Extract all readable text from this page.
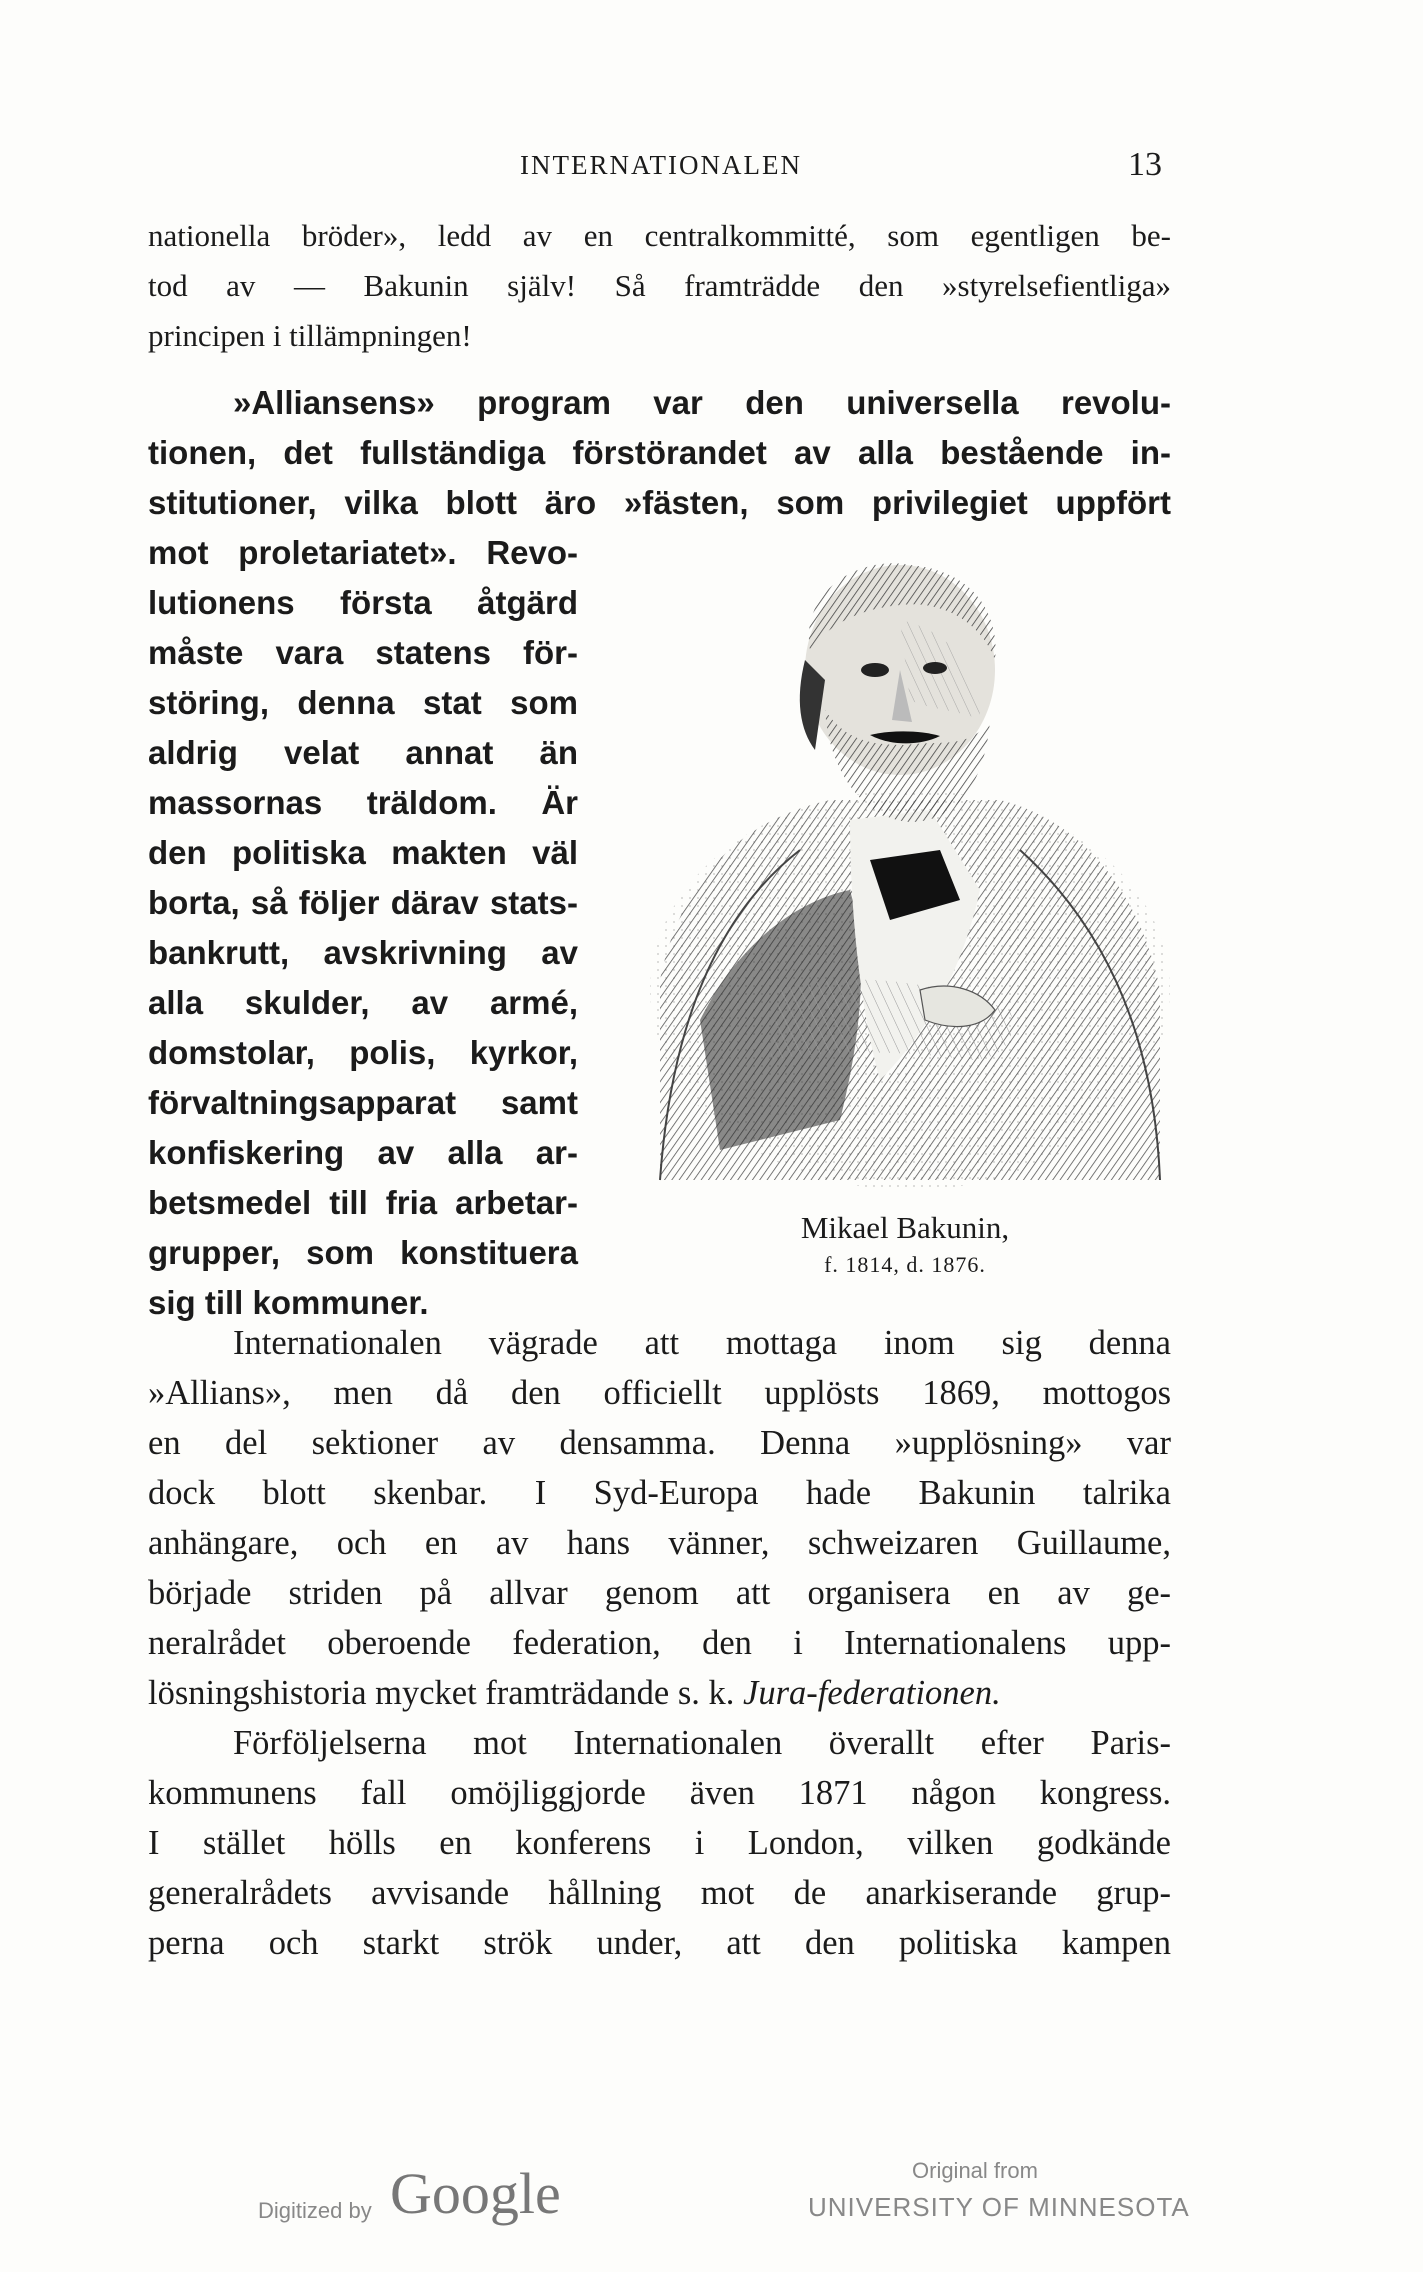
INTERNATIONALEN	13
nationella bröder», ledd av en centralkommitté, som egentligen be-
tod av — Bakunin själv! Så framträdde den »styrelsefientliga»
principen i tillämpningen!
»Alliansens» program var den universella revolu-
tionen, det fullständiga förstörandet av alla bestående in-
stitutioner, vilka blott äro »fästen, som privilegiet uppfört
mot proletariatet». Revo-
lutionens första åtgärd
måste vara statens för-
störing, denna stat som
aldrig velat annat än
massornas träldom. Är
den politiska makten väl
borta, så följer därav stats-
bankrutt, avskrivning av
alla skulder, av armé,
domstolar, polis, kyrkor,
förvaltningsapparat samt
konfiskering av alla ar-
betsmedel till fria arbetar-
grupper, som konstituera
sig till kommuner.
Mikael Bakunin,
f. 1814, d. 1876.
Internationalen vägrade att mottaga inom sig denna
»Allians», men då den officiellt upplösts 1869, mottogos
en del sektioner av densamma. Denna »upplösning» var
dock blott skenbar. I Syd-Europa hade Bakunin talrika
anhängare, och en av hans vänner, schweizaren Guillaume,
började striden på allvar genom att organisera en av ge-
neralrådet oberoende federation, den i Internationalens upp-
lösningshistoria mycket framträdande s. k. Jura-federationen.
Förföljelserna mot Internationalen överallt efter Paris-
kommunens fall omöjliggjorde även 1871 någon kongress.
I stället hölls en konferens i London, vilken godkände
generalrådets avvisande hållning mot de anarkiserande grup-
perna och starkt strök under, att den politiska kampen
Digitized by Google	Original from
UNIVERSITY OF MINNESOTA
